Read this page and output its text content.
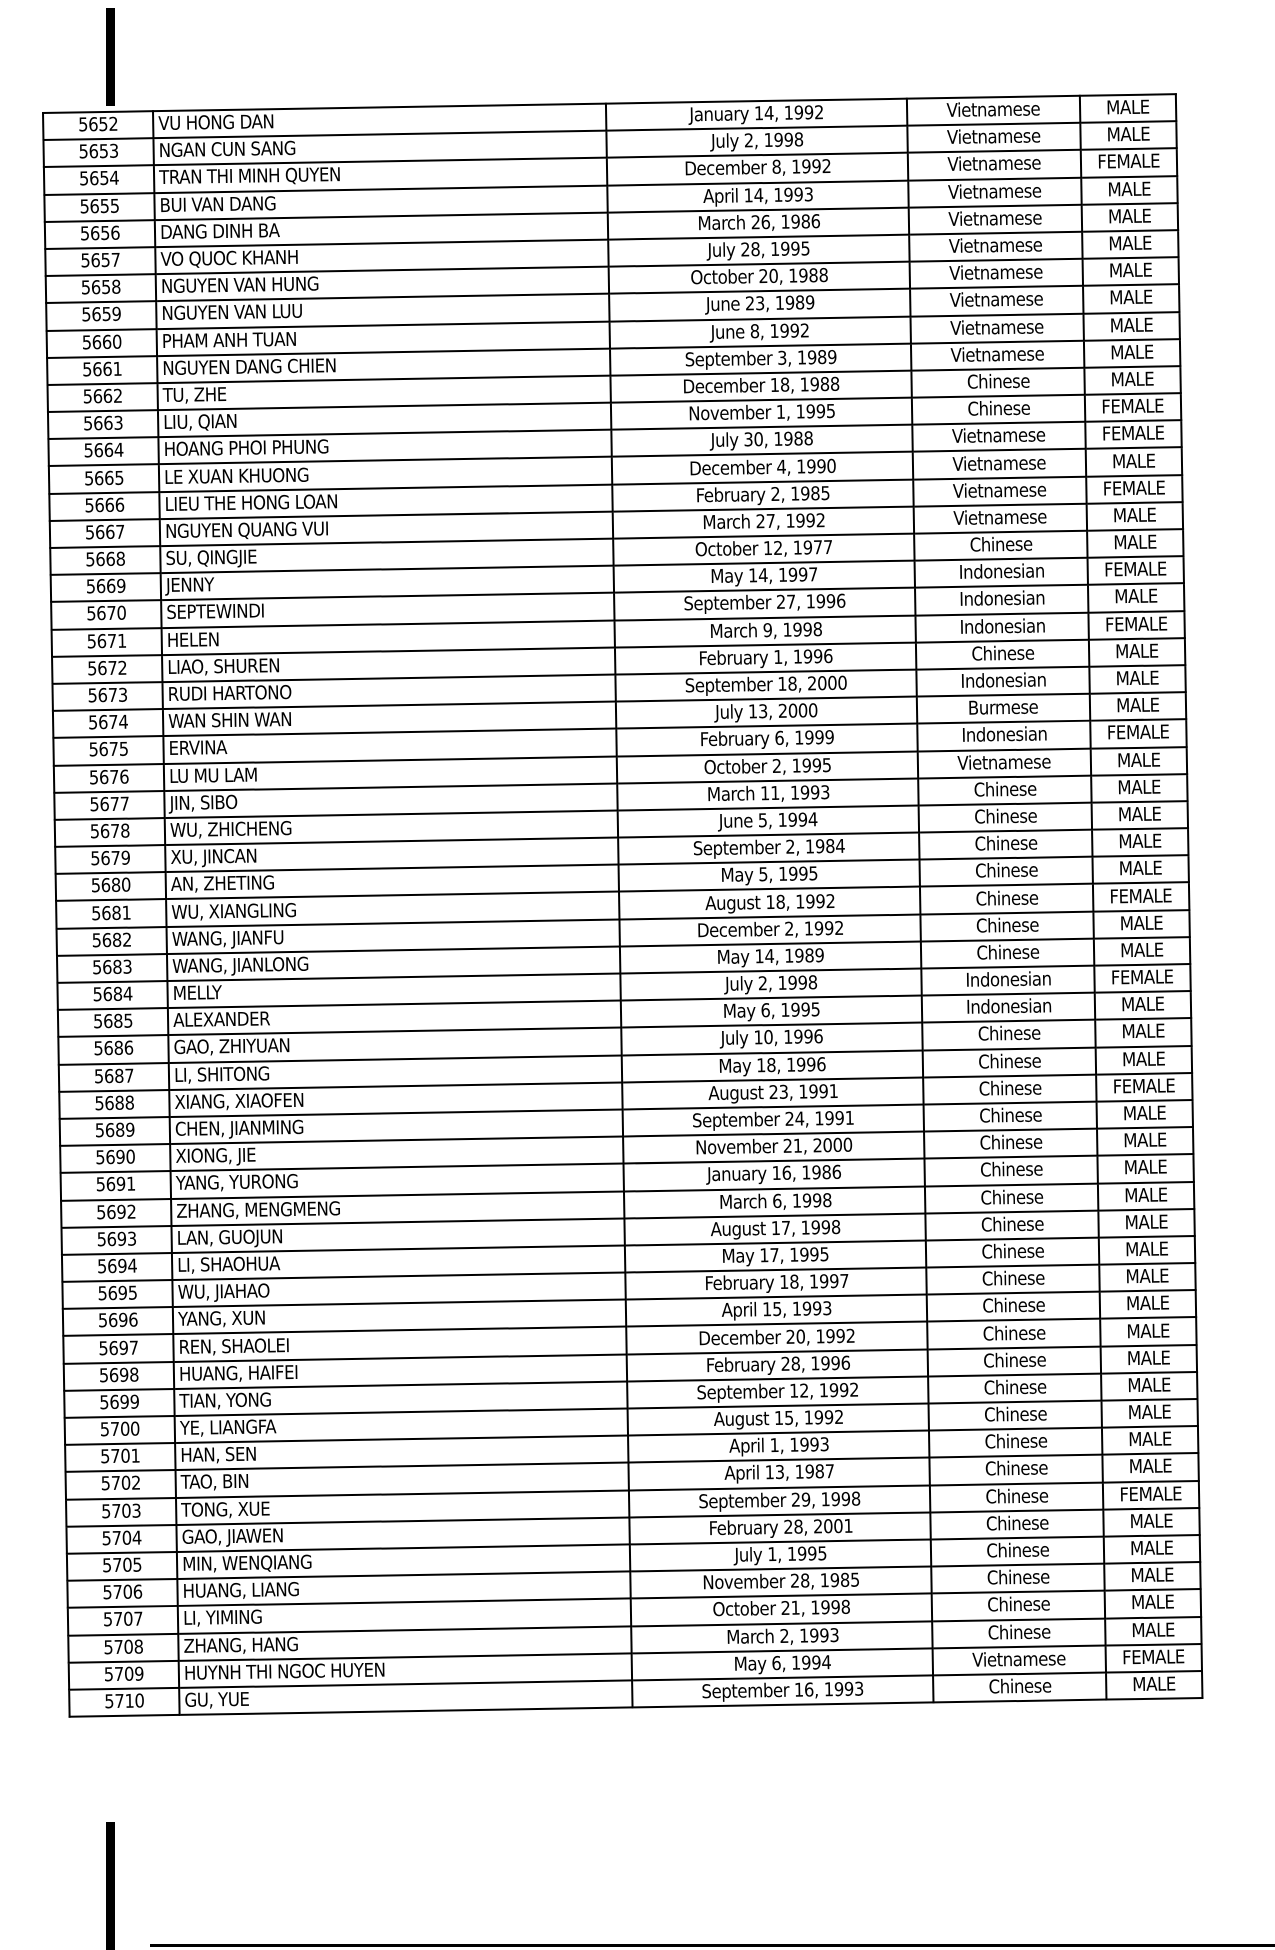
5652	VU HONG DAN	January 14, 1992	Vietnamese	MALE
5653	NGAN CUN SANG	July 2, 1998	Vietnamese	MALE
5654	TRAN THI MINH QUYEN	December 8, 1992	Vietnamese	FEMALE
5655	BUI VAN DANG	April 14, 1993	Vietnamese	MALE
5656	DANG DINH BA	March 26, 1986	Vietnamese	MALE
5657	VO QUOC KHANH	July 28, 1995	Vietnamese	MALE
5658	NGUYEN VAN HUNG	October 20, 1988	Vietnamese	MALE
5659	NGUYEN VAN LUU	June 23, 1989	Vietnamese	MALE
5660	PHAM ANH TUAN	June 8, 1992	Vietnamese	MALE
5661	NGUYEN DANG CHIEN	September 3, 1989	Vietnamese	MALE
5662	TU, ZHE	December 18, 1988	Chinese	MALE
5663	LIU, QIAN	November 1, 1995	Chinese	FEMALE
5664	HOANG PHOI PHUNG	July 30, 1988	Vietnamese	FEMALE
5665	LE XUAN KHUONG	December 4, 1990	Vietnamese	MALE
5666	LIEU THE HONG LOAN	February 2, 1985	Vietnamese	FEMALE
5667	NGUYEN QUANG VUI	March 27, 1992	Vietnamese	MALE
5668	SU, QINGJIE	October 12, 1977	Chinese	MALE
5669	JENNY	May 14, 1997	Indonesian	FEMALE
5670	SEPTEWINDI	September 27, 1996	Indonesian	MALE
5671	HELEN	March 9, 1998	Indonesian	FEMALE
5672	LIAO, SHUREN	February 1, 1996	Chinese	MALE
5673	RUDI HARTONO	September 18, 2000	Indonesian	MALE
5674	WAN SHIN WAN	July 13, 2000	Burmese	MALE
5675	ERVINA	February 6, 1999	Indonesian	FEMALE
5676	LU MU LAM	October 2, 1995	Vietnamese	MALE
5677	JIN, SIBO	March 11, 1993	Chinese	MALE
5678	WU, ZHICHENG	June 5, 1994	Chinese	MALE
5679	XU, JINCAN	September 2, 1984	Chinese	MALE
5680	AN, ZHETING	May 5, 1995	Chinese	MALE
5681	WU, XIANGLING	August 18, 1992	Chinese	FEMALE
5682	WANG, JIANFU	December 2, 1992	Chinese	MALE
5683	WANG, JIANLONG	May 14, 1989	Chinese	MALE
5684	MELLY	July 2, 1998	Indonesian	FEMALE
5685	ALEXANDER	May 6, 1995	Indonesian	MALE
5686	GAO, ZHIYUAN	July 10, 1996	Chinese	MALE
5687	LI, SHITONG	May 18, 1996	Chinese	MALE
5688	XIANG, XIAOFEN	August 23, 1991	Chinese	FEMALE
5689	CHEN, JIANMING	September 24, 1991	Chinese	MALE
5690	XIONG, JIE	November 21, 2000	Chinese	MALE
5691	YANG, YURONG	January 16, 1986	Chinese	MALE
5692	ZHANG, MENGMENG	March 6, 1998	Chinese	MALE
5693	LAN, GUOJUN	August 17, 1998	Chinese	MALE
5694	LI, SHAOHUA	May 17, 1995	Chinese	MALE
5695	WU, JIAHAO	February 18, 1997	Chinese	MALE
5696	YANG, XUN	April 15, 1993	Chinese	MALE
5697	REN, SHAOLEI	December 20, 1992	Chinese	MALE
5698	HUANG, HAIFEI	February 28, 1996	Chinese	MALE
5699	TIAN, YONG	September 12, 1992	Chinese	MALE
5700	YE, LIANGFA	August 15, 1992	Chinese	MALE
5701	HAN, SEN	April 1, 1993	Chinese	MALE
5702	TAO, BIN	April 13, 1987	Chinese	MALE
5703	TONG, XUE	September 29, 1998	Chinese	FEMALE
5704	GAO, JIAWEN	February 28, 2001	Chinese	MALE
5705	MIN, WENQIANG	July 1, 1995	Chinese	MALE
5706	HUANG, LIANG	November 28, 1985	Chinese	MALE
5707	LI, YIMING	October 21, 1998	Chinese	MALE
5708	ZHANG, HANG	March 2, 1993	Chinese	MALE
5709	HUYNH THI NGOC HUYEN	May 6, 1994	Vietnamese	FEMALE
5710	GU, YUE	September 16, 1993	Chinese	MALE
